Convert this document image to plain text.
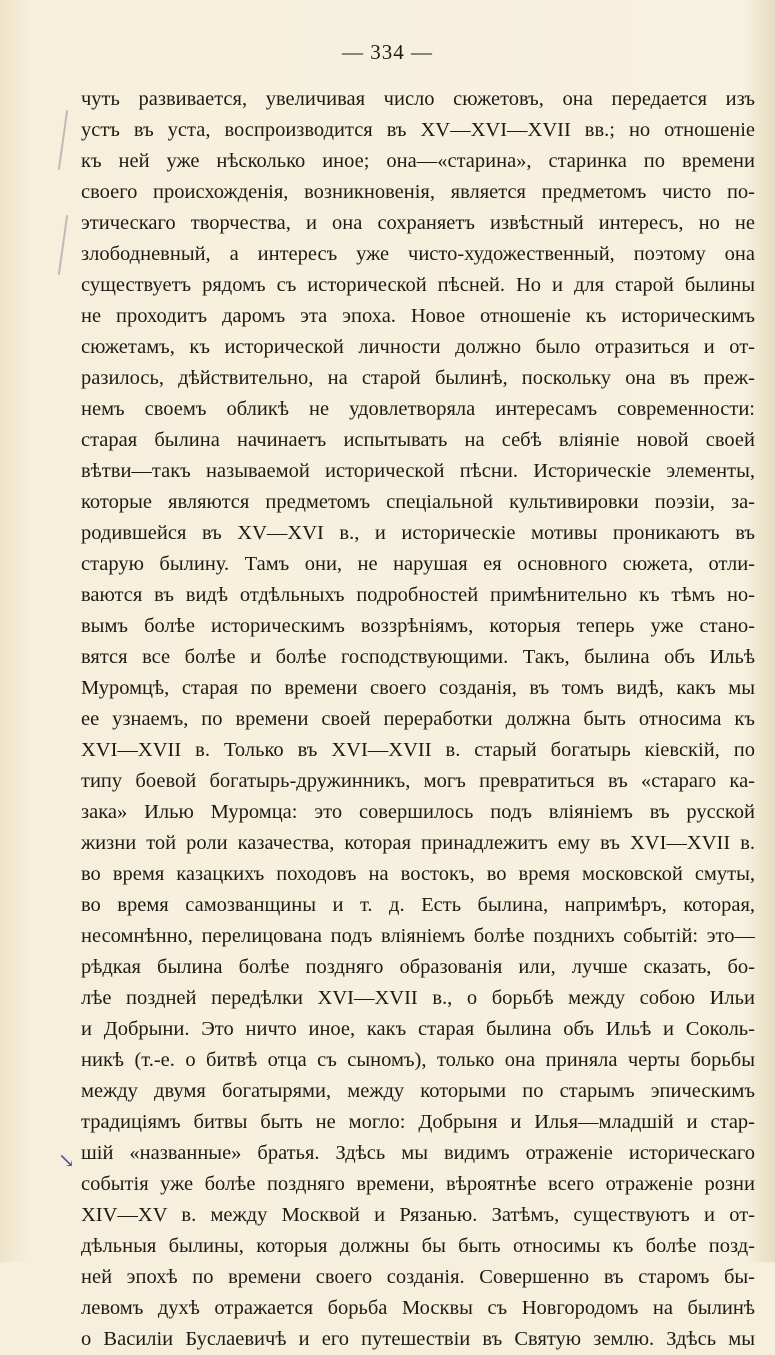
— 334 —
↘
чуть развивается, увеличивая число сюжетовъ, она передается изъ
устъ въ уста, воспроизводится въ XV—XVI—XVII вв.; но отношеніе
къ ней уже нѣсколько иное; она—«старина», старинка по времени
своего происхожденія, возникновенія, является предметомъ чисто по-
этическаго творчества, и она сохраняетъ извѣстный интересъ, но не
злободневный, а интересъ уже чисто-художественный, поэтому она
существуетъ рядомъ съ исторической пѣсней. Но и для старой былины
не проходитъ даромъ эта эпоха. Новое отношеніе къ историческимъ
сюжетамъ, къ исторической личности должно было отразиться и от-
разилось, дѣйствительно, на старой былинѣ, поскольку она въ преж-
немъ своемъ обликѣ не удовлетворяла интересамъ современности:
старая былина начинаетъ испытывать на себѣ вліяніе новой своей
вѣтви—такъ называемой исторической пѣсни. Историческіе элементы,
которые являются предметомъ спеціальной культивировки поэзіи, за-
родившейся въ XV—XVI в., и историческіе мотивы проникаютъ въ
старую былину. Тамъ они, не нарушая ея основного сюжета, отли-
ваются въ видѣ отдѣльныхъ подробностей примѣнительно къ тѣмъ но-
вымъ болѣе историческимъ воззрѣніямъ, которыя теперь уже стано-
вятся все болѣе и болѣе господствующими. Такъ, былина объ Ильѣ
Муромцѣ, старая по времени своего созданія, въ томъ видѣ, какъ мы
ее узнаемъ, по времени своей переработки должна быть относима къ
XVI—XVII в. Только въ XVI—XVII в. старый богатырь кіевскій, по
типу боевой богатырь-дружинникъ, могъ превратиться въ «стараго ка-
зака» Илью Муромца: это совершилось подъ вліяніемъ въ русской
жизни той роли казачества, которая принадлежитъ ему въ XVI—XVII в.
во время казацкихъ походовъ на востокъ, во время московской смуты,
во время самозванщины и т. д. Есть былина, напримѣръ, которая,
несомнѣнно, перелицована подъ вліяніемъ болѣе позднихъ событій: это—
рѣдкая былина болѣе поздняго образованія или, лучше сказать, бо-
лѣе поздней передѣлки XVI—XVII в., о борьбѣ между собою Ильи
и Добрыни. Это ничто иное, какъ старая былина объ Ильѣ и Соколь-
никѣ (т.-е. о битвѣ отца съ сыномъ), только она приняла черты борьбы
между двумя богатырями, между которыми по старымъ эпическимъ
традиціямъ битвы быть не могло: Добрыня и Илья—младшій и стар-
шій «названные» братья. Здѣсь мы видимъ отраженіе историческаго
событія уже болѣе поздняго времени, вѣроятнѣе всего отраженіе розни
XIV—XV в. между Москвой и Рязанью. Затѣмъ, существуютъ и от-
дѣльныя былины, которыя должны бы быть относимы къ болѣе позд-
ней эпохѣ по времени своего созданія. Совершенно въ старомъ бы-
левомъ духѣ отражается борьба Москвы съ Новгородомъ на былинѣ
о Василіи Буслаевичѣ и его путешествіи въ Святую землю. Здѣсь мы
